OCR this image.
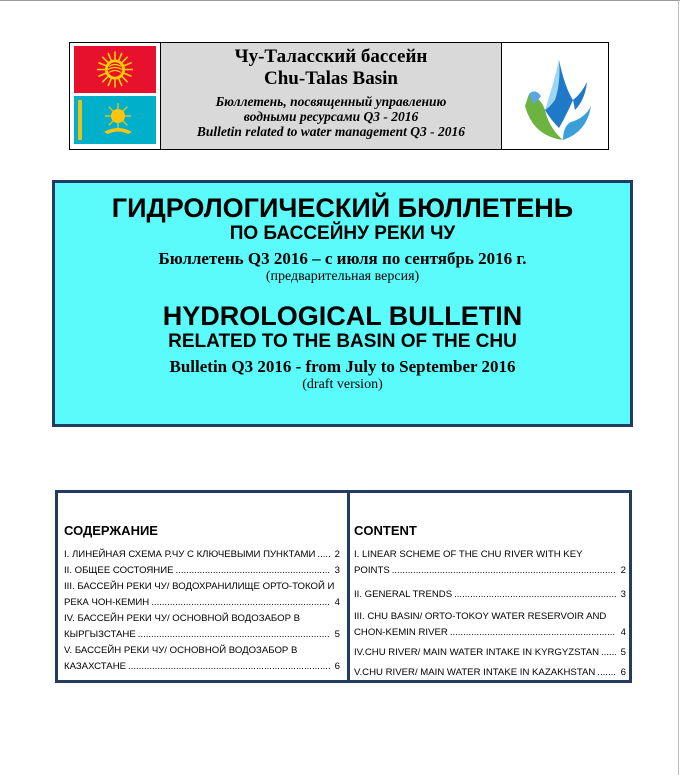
Чу-Таласский бассейн
Chu-Talas Basin
Бюллетень, посвященный управлению
водными ресурсами Q3 - 2016
Bulletin related to water management Q3 - 2016
ГИДРОЛОГИЧЕСКИЙ БЮЛЛЕТЕНЬ
ПО БАССЕЙНУ РЕКИ ЧУ
Бюллетень Q3 2016 – с июля по сентябрь 2016 г.
(предварительная версия)
HYDROLOGICAL BULLETIN
RELATED TO THE BASIN OF THE CHU
Bulletin Q3 2016 - from July to September 2016
(draft version)
СОДЕРЖАНИЕ
I. ЛИНЕЙНАЯ СХЕМА Р.ЧУ С КЛЮЧЕВЫМИ ПУНКТАМИ ..... 2
II. ОБЩЕЕ СОСТОЯНИЕ .....	3
III. БАССЕЙН РЕКИ ЧУ/ ВОДОХРАНИЛИЩЕ ОРТО-ТОКОЙ И
РЕКА ЧОН-КЕМИН .....	4
IV. БАССЕЙН РЕКИ ЧУ/ ОСНОВНОЙ ВОДОЗАБОР В
КЫРГЫЗСТАНЕ .....	5
V. БАССЕЙН РЕКИ ЧУ/ ОСНОВНОЙ ВОДОЗАБОР В
КАЗАХСТАНЕ .....	6
CONTENT
I. LINEAR SCHEME OF THE CHU RIVER WITH KEY
POINTS .....	2
II. GENERAL TRENDS .....	3
III. CHU BASIN/ ORTO-TOKOY WATER RESERVOIR AND
CHON-KEMIN RIVER .....	4
IV.CHU RIVER/ MAIN WATER INTAKE IN KYRGYZSTAN ..... 5
V.CHU RIVER/ MAIN WATER INTAKE IN KAZAKHSTAN .....	6
